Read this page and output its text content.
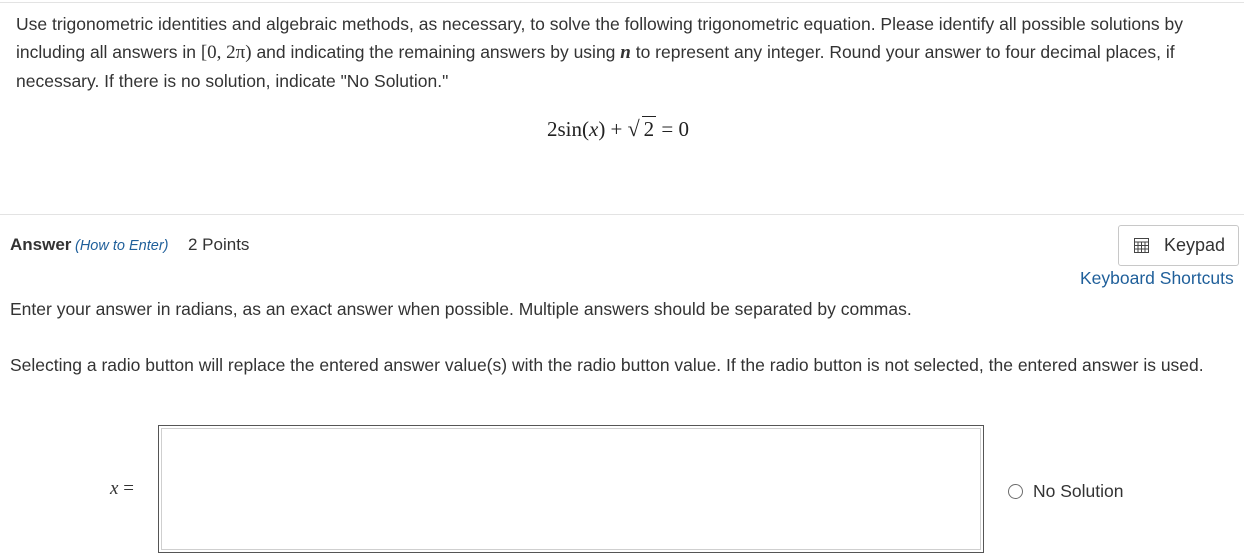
Use trigonometric identities and algebraic methods, as necessary, to solve the following trigonometric equation. Please identify all possible solutions by including all answers in [0, 2π) and indicating the remaining answers by using n to represent any integer. Round your answer to four decimal places, if necessary. If there is no solution, indicate "No Solution."
2sin(x) + √ 2 = 0
Answer (How to Enter) 2 Points	Keypad
Keyboard Shortcuts
Enter your answer in radians, as an exact answer when possible. Multiple answers should be separated by commas.
Selecting a radio button will replace the entered answer value(s) with the radio button value. If the radio button is not selected, the entered answer is used.
x =	No Solution
